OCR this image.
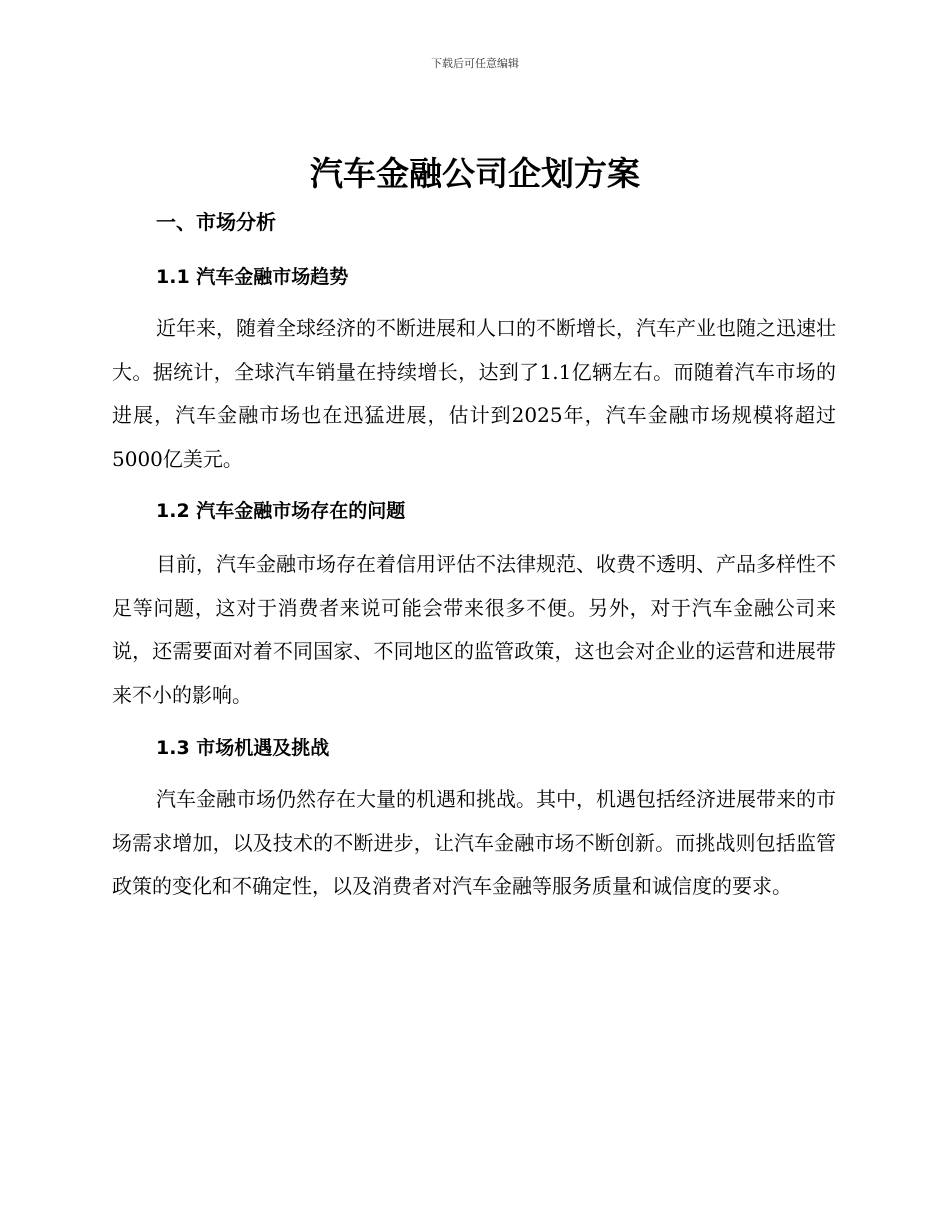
下载后可任意编辑
汽车金融公司企划方案
一、市场分析
1.1 汽车金融市场趋势

近年来，随着全球经济的不断进展和人口的不断增长，汽车产业也随之迅速壮大。据统计，全球汽车销量在持续增长，达到了1.1亿辆左右。而随着汽车市场的进展，汽车金融市场也在迅猛进展，估计到2025年，汽车金融市场规模将超过5000亿美元。

1.2 汽车金融市场存在的问题

目前，汽车金融市场存在着信用评估不法律规范、收费不透明、产品多样性不足等问题，这对于消费者来说可能会带来很多不便。另外，对于汽车金融公司来说，还需要面对着不同国家、不同地区的监管政策，这也会对企业的运营和进展带来不小的影响。

1.3 市场机遇及挑战

汽车金融市场仍然存在大量的机遇和挑战。其中，机遇包括经济进展带来的市场需求增加，以及技术的不断进步，让汽车金融市场不断创新。而挑战则包括监管政策的变化和不确定性，以及消费者对汽车金融等服务质量和诚信度的要求。
